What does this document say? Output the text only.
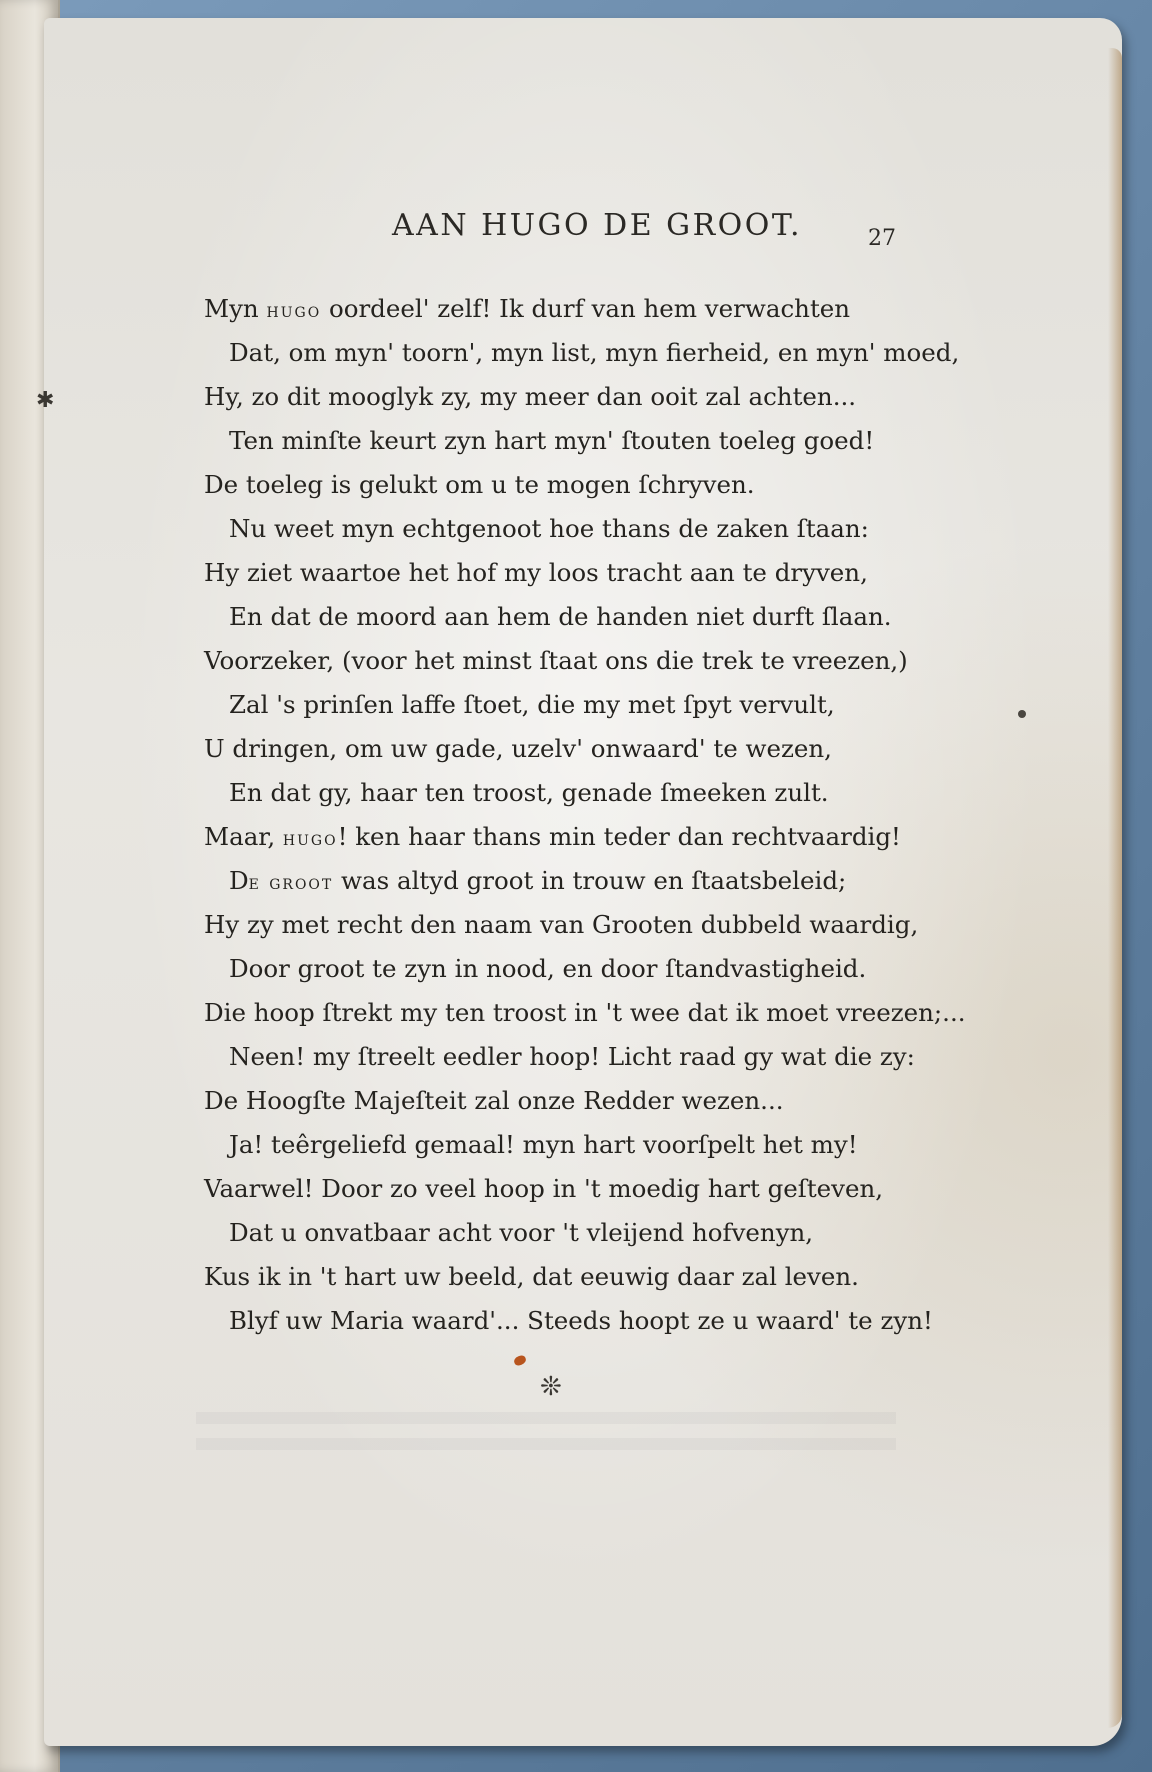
✱
AAN HUGO DE GROOT.	27
Myn hugo oordeel' zelf! Ik durf van hem verwachten
Dat, om myn' toorn', myn list, myn fierheid, en myn' moed,
Hy, zo dit mooglyk zy, my meer dan ooit zal achten...
Ten minſte keurt zyn hart myn' ſtouten toeleg goed!
De toeleg is gelukt om u te mogen ſchryven.
Nu weet myn echtgenoot hoe thans de zaken ſtaan:
Hy ziet waartoe het hof my loos tracht aan te dryven,
En dat de moord aan hem de handen niet durft ſlaan.
Voorzeker, (voor het minst ſtaat ons die trek te vreezen,)
Zal 's prinſen laffe ſtoet, die my met ſpyt vervult,
U dringen, om uw gade, uzelv' onwaard' te wezen,
En dat gy, haar ten troost, genade ſmeeken zult.
Maar, hugo! ken haar thans min teder dan rechtvaardig!
De groot was altyd groot in trouw en ſtaatsbeleid;
Hy zy met recht den naam van Grooten dubbeld waardig,
Door groot te zyn in nood, en door ſtandvastigheid.
Die hoop ſtrekt my ten troost in 't wee dat ik moet vreezen;...
Neen! my ſtreelt eedler hoop! Licht raad gy wat die zy:
De Hoogſte Majeſteit zal onze Redder wezen...
Ja! teêrgeliefd gemaal! myn hart voorſpelt het my!
Vaarwel! Door zo veel hoop in 't moedig hart geſteven,
Dat u onvatbaar acht voor 't vleijend hofvenyn,
Kus ik in 't hart uw beeld, dat eeuwig daar zal leven.
Blyf uw Maria waard'... Steeds hoopt ze u waard' te zyn!
❊
